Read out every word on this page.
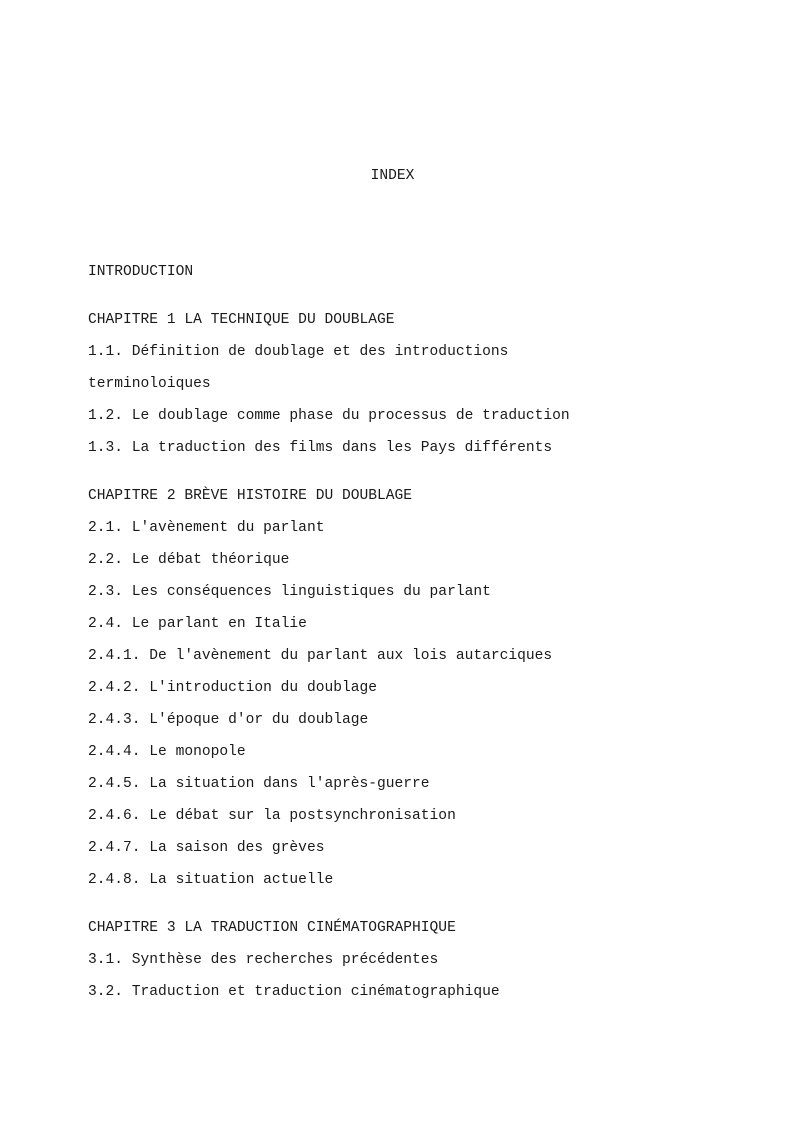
INDEX
INTRODUCTION
CHAPITRE 1 LA TECHNIQUE DU DOUBLAGE
1.1. Définition de doublage et des introductions
terminoloiques
1.2. Le doublage comme phase du processus de traduction
1.3. La traduction des films dans les Pays différents
CHAPITRE 2 BRÈVE HISTOIRE DU DOUBLAGE
2.1. L'avènement du parlant
2.2. Le débat théorique
2.3. Les conséquences linguistiques du parlant
2.4. Le parlant en Italie
2.4.1. De l'avènement du parlant aux lois autarciques
2.4.2. L'introduction du doublage
2.4.3. L'époque d'or du doublage
2.4.4. Le monopole
2.4.5. La situation dans l'après-guerre
2.4.6. Le débat sur la postsynchronisation
2.4.7. La saison des grèves
2.4.8. La situation actuelle
CHAPITRE 3 LA TRADUCTION CINÉMATOGRAPHIQUE
3.1. Synthèse des recherches précédentes
3.2. Traduction et traduction cinématographique
